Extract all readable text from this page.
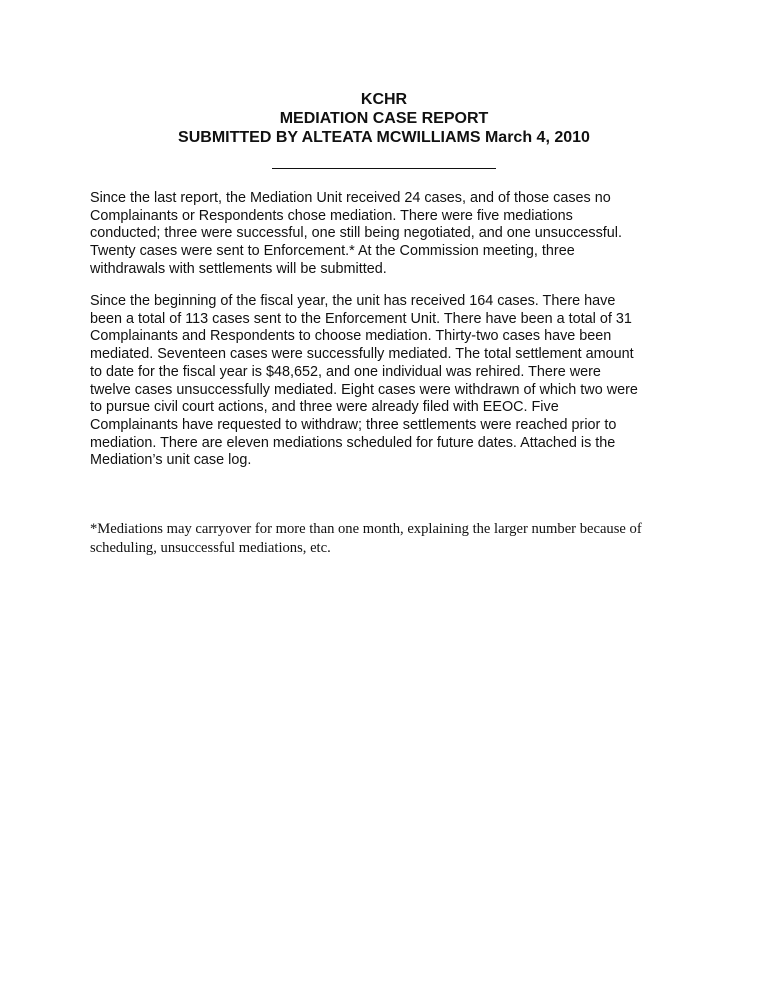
KCHR
MEDIATION CASE REPORT
SUBMITTED BY ALTEATA MCWILLIAMS March 4, 2010

Since the last report, the Mediation Unit received 24 cases, and of those cases no
Complainants or Respondents chose mediation. There were five mediations
conducted; three were successful, one still being negotiated, and one unsuccessful.
Twenty cases were sent to Enforcement.* At the Commission meeting, three
withdrawals with settlements will be submitted.

Since the beginning of the fiscal year, the unit has received 164 cases. There have
been a total of 113 cases sent to the Enforcement Unit. There have been a total of 31
Complainants and Respondents to choose mediation. Thirty-two cases have been
mediated. Seventeen cases were successfully mediated. The total settlement amount
to date for the fiscal year is $48,652, and one individual was rehired. There were
twelve cases unsuccessfully mediated. Eight cases were withdrawn of which two were
to pursue civil court actions, and three were already filed with EEOC. Five
Complainants have requested to withdraw; three settlements were reached prior to
mediation. There are eleven mediations scheduled for future dates. Attached is the
Mediation’s unit case log.

*Mediations may carryover for more than one month, explaining the larger number because of
scheduling, unsuccessful mediations, etc.
